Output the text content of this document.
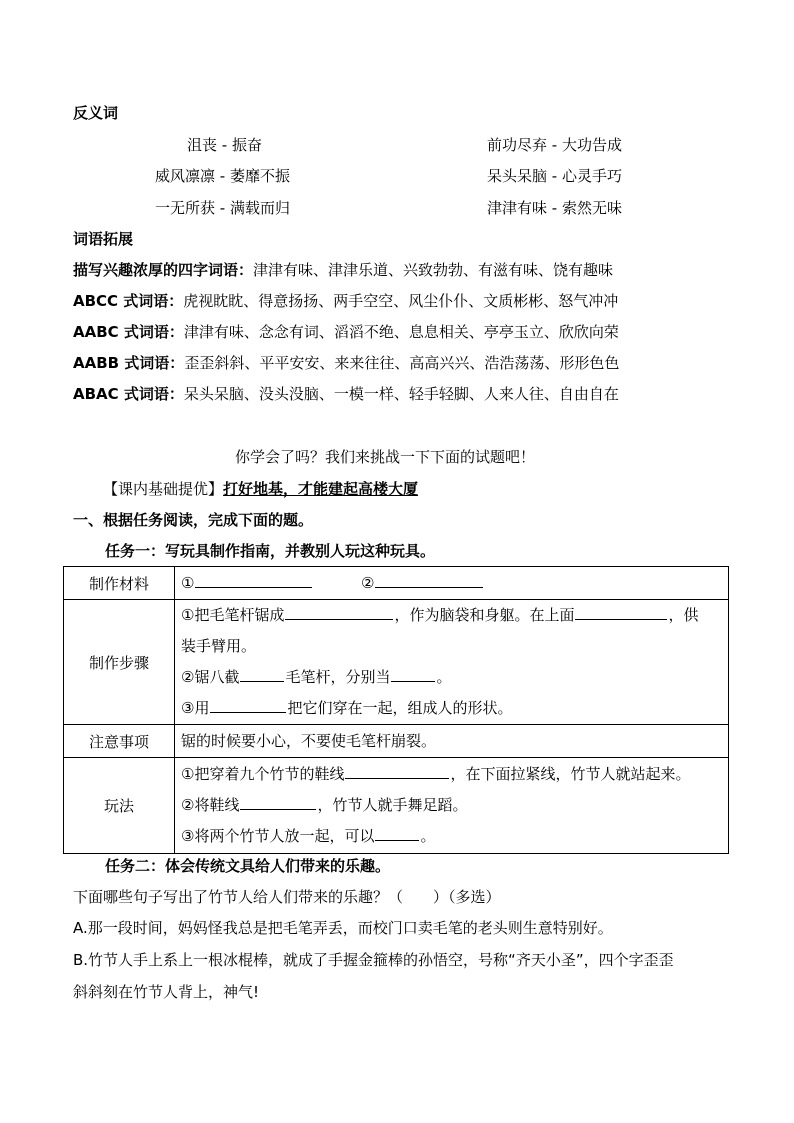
反义词
沮丧 - 振奋	前功尽弃 - 大功告成
威风凛凛 - 萎靡不振	呆头呆脑 - 心灵手巧
一无所获 - 满载而归	津津有味 - 索然无味
词语拓展
描写兴趣浓厚的四字词语：津津有味、津津乐道、兴致勃勃、有滋有味、饶有趣味
ABCC 式词语：虎视眈眈、得意扬扬、两手空空、风尘仆仆、文质彬彬、怒气冲冲
AABC 式词语：津津有味、念念有词、滔滔不绝、息息相关、亭亭玉立、欣欣向荣
AABB 式词语：歪歪斜斜、平平安安、来来往往、高高兴兴、浩浩荡荡、形形色色
ABAC 式词语：呆头呆脑、没头没脑、一模一样、轻手轻脚、人来人往、自由自在
你学会了吗？我们来挑战一下下面的试题吧！
【课内基础提优】打好地基，才能建起高楼大厦
一、根据任务阅读，完成下面的题。
任务一：写玩具制作指南，并教别人玩这种玩具。
制作材料	① ②

制作步骤	①把毛笔杆锯成 ，作为脑袋和身躯。在上面 ，供
装手臂用。
②锯八截 毛笔杆，分别当 。
③用 把它们穿在一起，组成人的形状。

注意事项	锯的时候要小心，不要使毛笔杆崩裂。

玩法	①把穿着九个竹节的鞋线 ，在下面拉紧线，竹节人就站起来。
②将鞋线 ，竹节人就手舞足蹈。
③将两个竹节人放一起，可以 。
任务二：体会传统文具给人们带来的乐趣。
下面哪些句子写出了竹节人给人们带来的乐趣？（　　）（多选）
A.那一段时间，妈妈怪我总是把毛笔弄丢，而校门口卖毛笔的老头则生意特别好。
B.竹节人手上系上一根冰棍棒，就成了手握金箍棒的孙悟空，号称“齐天小圣”，四个字歪歪
斜斜刻在竹节人背上，神气!
